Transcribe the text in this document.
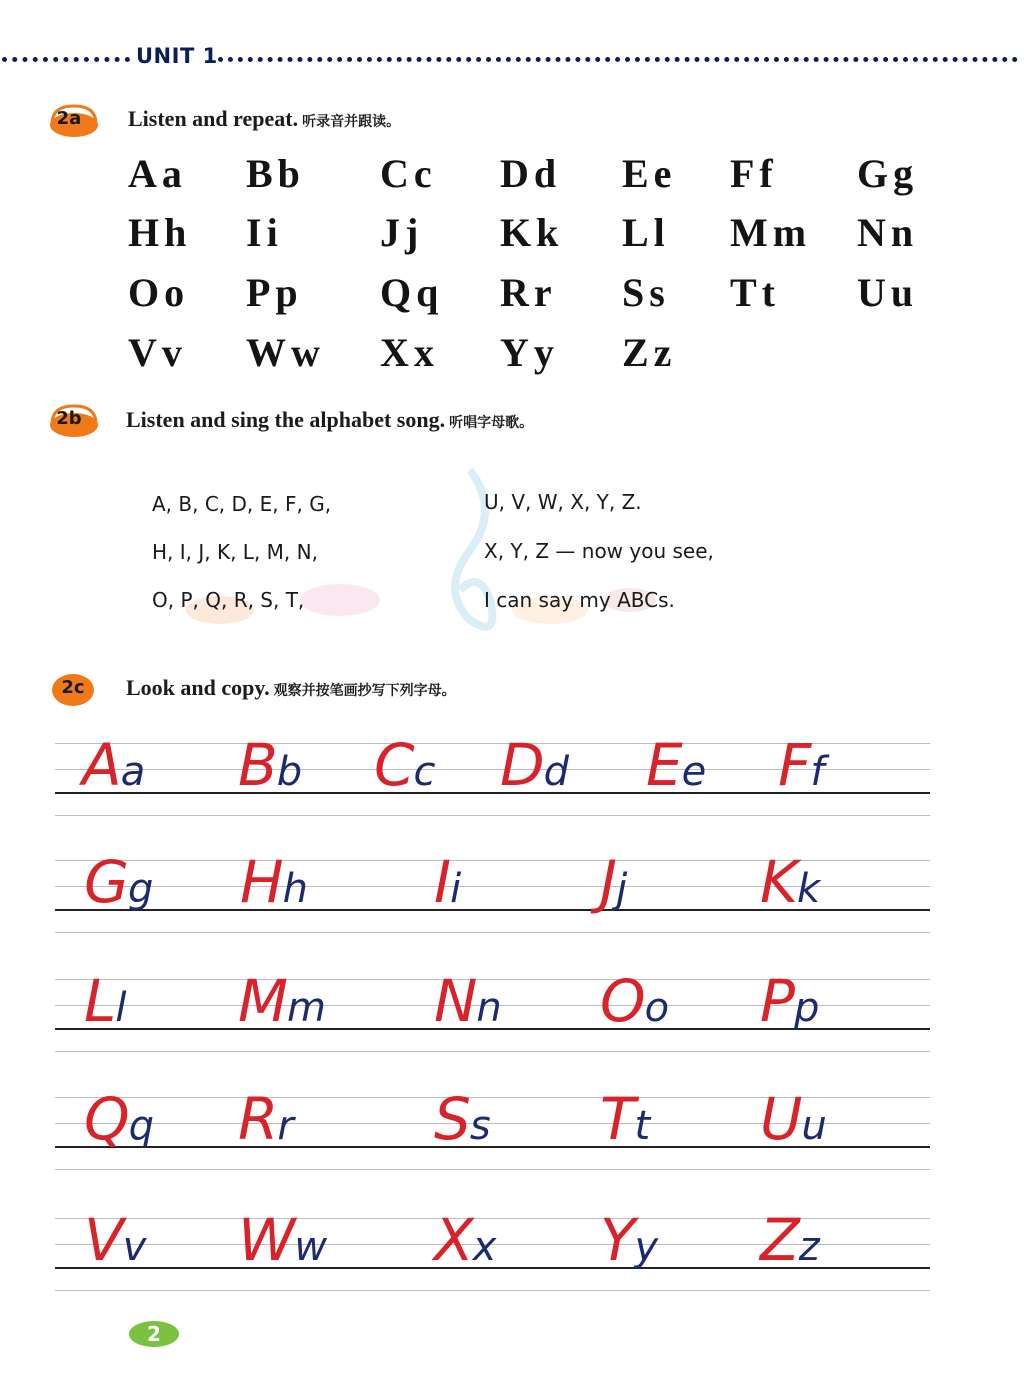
UNIT 1
2a	Listen and repeat. 听录音并跟读。
Aa Bb Cc Dd Ee Ff Gg
Hh Ii Jj Kk Ll Mm Nn
Oo Pp Qq Rr Ss Tt Uu
Vv Ww Xx Yy Zz
2b	Listen and sing the alphabet song. 听唱字母歌。
A, B, C, D, E, F, G,
H, I, J, K, L, M, N,
O, P, Q, R, S, T,
U, V, W, X, Y, Z.
X, Y, Z — now you see,
I can say my ABCs.
2c	Look and copy. 观察并按笔画抄写下列字母。
Aa Bb Cc Dd Ee Ff
Gg Hh Ii Jj Kk
Ll Mm Nn Oo Pp
Qq Rr Ss Tt Uu
Vv Ww Xx Yy Zz
2
